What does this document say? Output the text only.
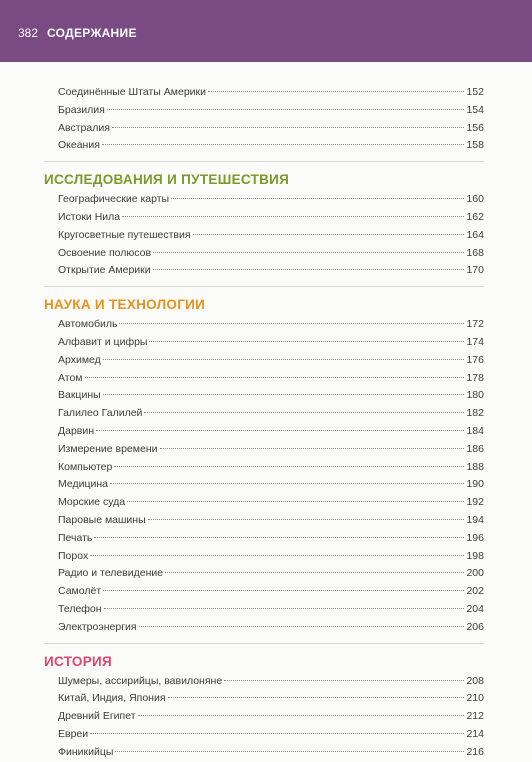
382 СОДЕРЖАНИЕ
Соединённые Штаты Америки	152
Бразилия	154
Австралия	156
Океания	158
ИССЛЕДОВАНИЯ И ПУТЕШЕСТВИЯ
Географические карты	160
Истоки Нила	162
Кругосветные путешествия	164
Освоение полюсов	168
Открытие Америки	170
НАУКА И ТЕХНОЛОГИИ
Автомобиль	172
Алфавит и цифры	174
Архимед	176
Атом	178
Вакцины	180
Галилео Галилей	182
Дарвин	184
Измерение времени	186
Компьютер	188
Медицина	190
Морские суда	192
Паровые машины	194
Печать	196
Порох	198
Радио и телевидение	200
Самолёт	202
Телефон	204
Электроэнергия	206
ИСТОРИЯ
Шумеры, ассирийцы, вавилоняне	208
Китай, Индия, Япония	210
Древний Египет	212
Евреи	214
Финикийцы	216
